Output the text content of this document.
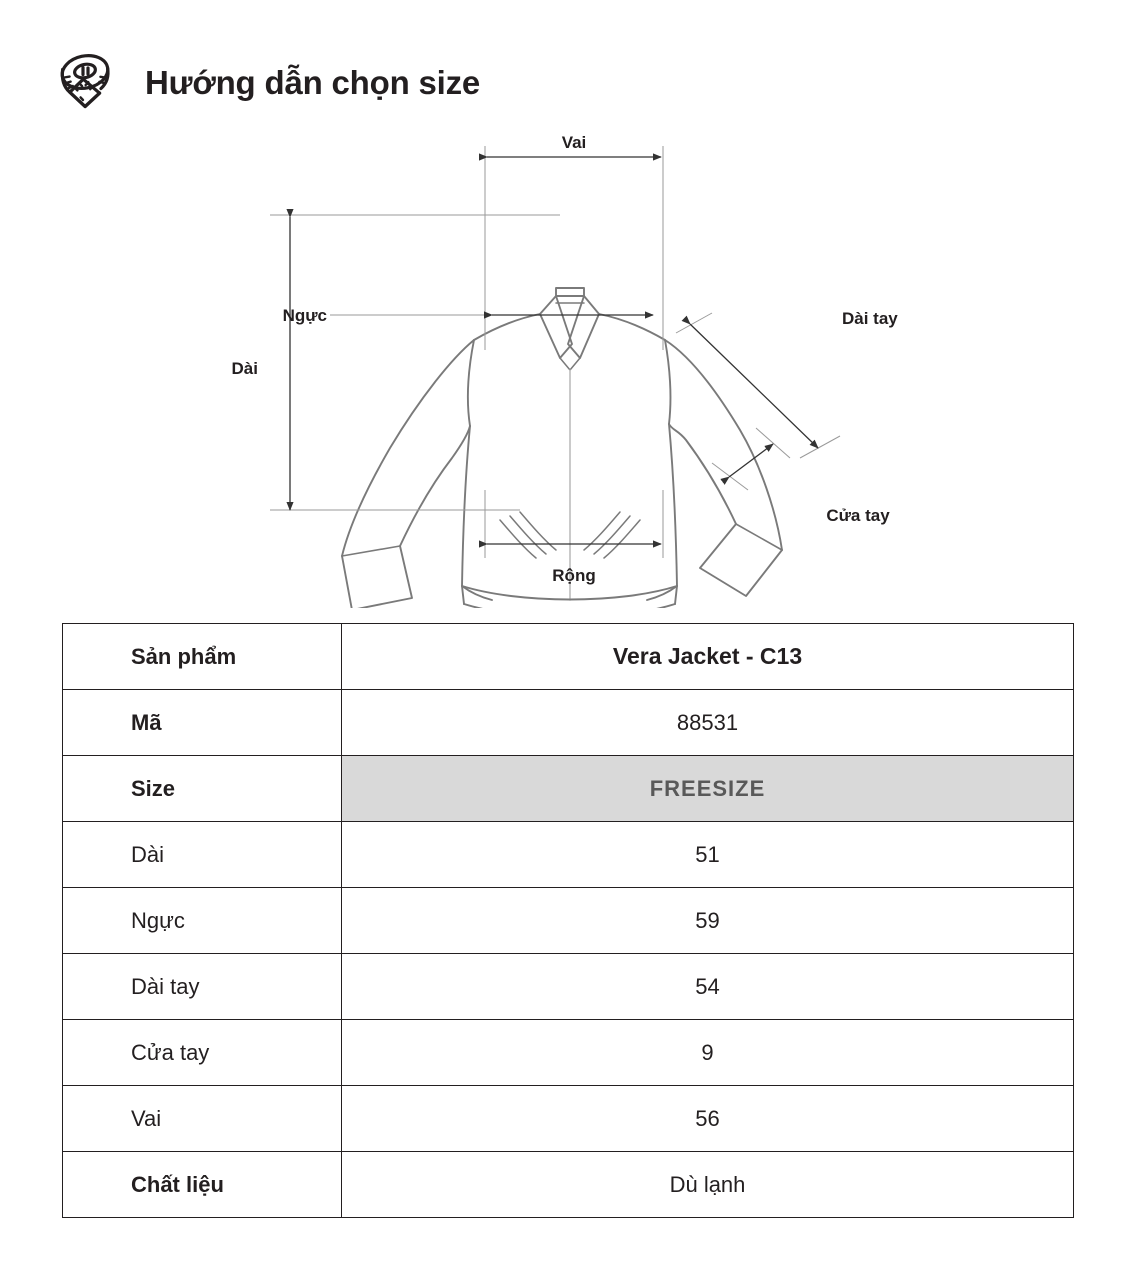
Hướng dẫn chọn size
Vai
Ngực
Dài
Dài tay
Cửa tay
Rộng
Sản phẩm	Vera Jacket - C13
Mã	88531
Size	FREESIZE
Dài	51
Ngực	59
Dài tay	54
Cửa tay	9
Vai	56
Chất liệu	Dù lạnh
